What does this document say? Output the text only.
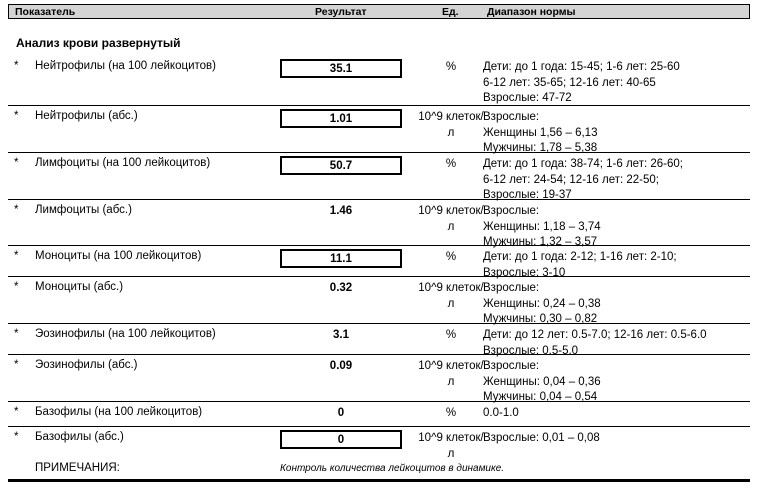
Показатель	Результат	Ед.	Диапазон нормы
Анализ крови развернутый
* Нейтрофилы (на 100 лейкоцитов)	35.1	%	Дети: до 1 года: 15-45; 1-6 лет: 25-60
6-12 лет: 35-65; 12-16 лет: 40-65
Взрослые: 47-72
* Нейтрофилы (абс.)	1.01	10^9 клеток/л
Взрослые:
Женщины 1,56 – 6,13
Мужчины: 1,78 – 5,38
* Лимфоциты (на 100 лейкоцитов)	50.7	%	Дети: до 1 года: 38-74; 1-6 лет: 26-60;
6-12 лет: 24-54; 12-16 лет: 22-50;
Взрослые: 19-37
* Лимфоциты (абс.)	1.46	10^9 клеток/л
Взрослые:
Женщины: 1,18 – 3,74
Мужчины: 1,32 – 3,57
* Моноциты (на 100 лейкоцитов)	11.1	%	Дети: до 1 года: 2-12; 1-16 лет: 2-10;
Взрослые: 3-10
* Моноциты (абс.)	0.32	10^9 клеток/л
Взрослые:
Женщины: 0,24 – 0,38
Мужчины: 0,30 – 0,82
* Эозинофилы (на 100 лейкоцитов)	3.1	%	Дети: до 12 лет: 0.5-7.0; 12-16 лет: 0.5-6.0
Взрослые: 0.5-5.0
* Эозинофилы (абс.)	0.09	10^9 клеток/л
Взрослые:
Женщины: 0,04 – 0,36
Мужчины: 0,04 – 0,54
* Базофилы (на 100 лейкоцитов)	0	%	0.0-1.0
* Базофилы (абс.)	0	10^9 клеток/л
Взрослые: 0,01 – 0,08
ПРИМЕЧАНИЯ:	Контроль количества лейкоцитов в динамике.
